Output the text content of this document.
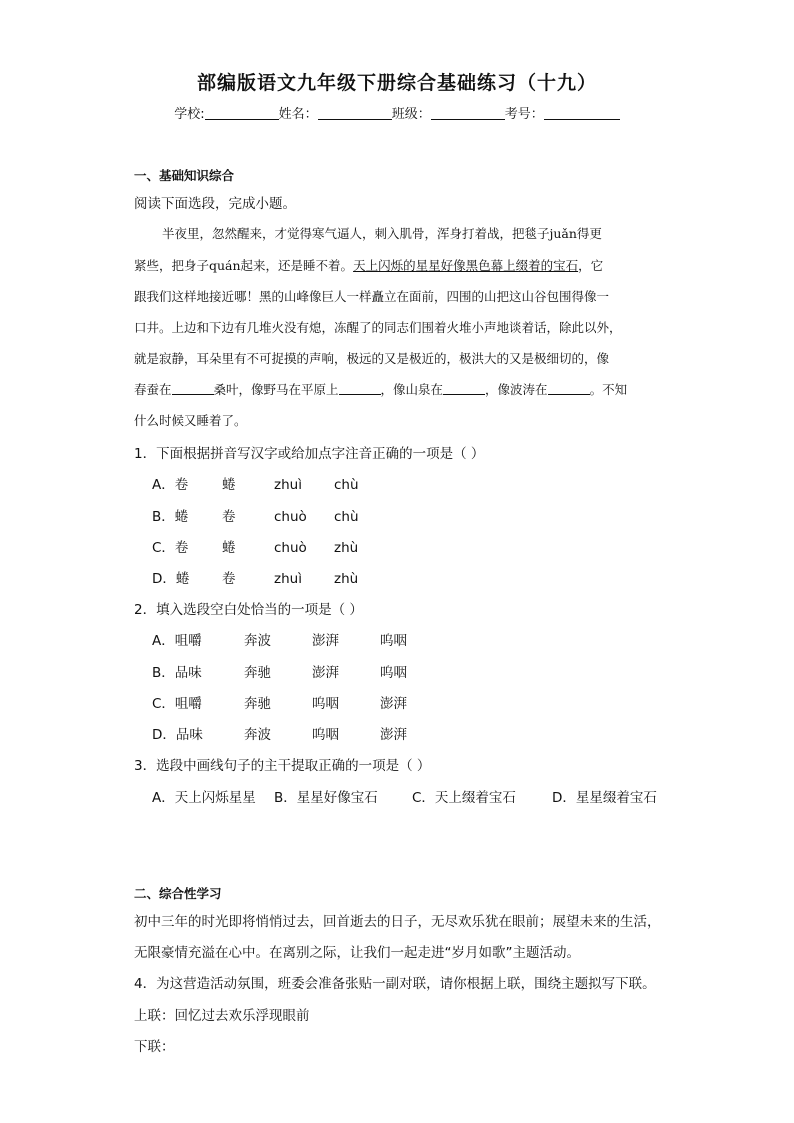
部编版语文九年级下册综合基础练习（十九）
学校:	姓名：	班级：	考号：
一、基础知识综合
阅读下面选段，完成小题。
半夜里，忽然醒来，才觉得寒气逼人，刺入肌骨，浑身打着战，把毯子juǎn得更
紧些，把身子quán起来，还是睡不着。天上闪烁的星星好像黑色幕上缀着的宝石，它
跟我们这样地接近哪！黑的山峰像巨人一样矗立在面前，四围的山把这山谷包围得像一
口井。上边和下边有几堆火没有熄，冻醒了的同志们围着火堆小声地谈着话，除此以外，
就是寂静，耳朵里有不可捉摸的声响，极远的又是极近的，极洪大的又是极细切的，像
春蚕在	桑叶，像野马在平原上	，像山泉在	，像波涛在	。不知
什么时候又睡着了。
1．下面根据拼音写汉字或给加点字注音正确的一项是（ ）
A．卷	蜷	zhuì chù
B．蜷 卷	chuò chù
C．卷 蜷	chuò zhù
D．蜷 卷	zhuì zhù
2．填入选段空白处恰当的一项是（ ）
A．咀嚼	奔波	澎湃	呜咽
B．品味	奔驰	澎湃	呜咽
C．咀嚼	奔驰	呜咽	澎湃
D．品味	奔波	呜咽	澎湃
3．选段中画线句子的主干提取正确的一项是（ ）
A．天上闪烁星星 B．星星好像宝石	C．天上缀着宝石	D．星星缀着宝石
二、综合性学习
初中三年的时光即将悄悄过去，回首逝去的日子，无尽欢乐犹在眼前；展望未来的生活，
无限豪情充溢在心中。在离别之际，让我们一起走进“岁月如歌”主题活动。
4．为这营造活动氛围，班委会准备张贴一副对联，请你根据上联，围绕主题拟写下联。
上联：回忆过去欢乐浮现眼前
下联：
